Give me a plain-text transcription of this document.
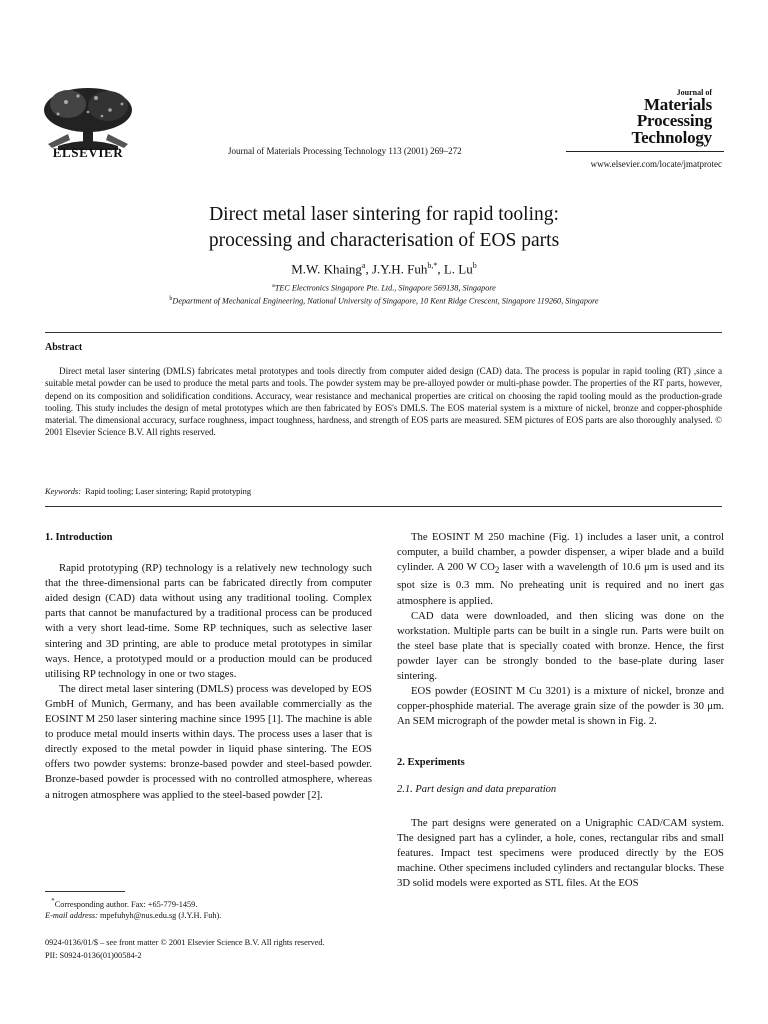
ELSEVIER	Journal of Materials Processing Technology 113 (2001) 269–272
Journal of
Materials
Processing
Technology
www.elsevier.com/locate/jmatprotec
Direct metal laser sintering for rapid tooling:
processing and characterisation of EOS parts
M.W. Khaing$^a$, J.Y.H. Fuh$^{b,*}$, L. Lu$^b$
$^a$TEC Electronics Singapore Pte. Ltd., Singapore 569138, Singapore
$^b$Department of Mechanical Engineering, National University of Singapore, 10 Kent Ridge Crescent, Singapore 119260, Singapore
Abstract
Direct metal laser sintering (DMLS) fabricates metal prototypes and tools directly from computer aided design (CAD) data. The process is popular in rapid tooling (RT) ,since a suitable metal powder can be used to produce the metal parts and tools. The powder system may be pre-alloyed powder or multi-phase powder. The properties of the RT parts, however, depend on its composition and solidification conditions. Accuracy, wear resistance and mechanical properties are critical on choosing the rapid tooling mould as the production-grade tooling. This study includes the design of metal prototypes which are then fabricated by EOS's DMLS. The EOS material system is a mixture of nickel, bronze and copper-phosphide material. The dimensional accuracy, surface roughness, impact toughness, hardness, and strength of EOS parts are measured. SEM pictures of EOS parts are also thoroughly analysed. © 2001 Elsevier Science B.V. All rights reserved.
Keywords: Rapid tooling; Laser sintering; Rapid prototyping
1. Introduction

Rapid prototyping (RP) technology is a relatively new technology such that the three-dimensional parts can be fabricated directly from computer aided design (CAD) data without using any traditional tooling. Complex parts that cannot be manufactured by a traditional process can be produced with a very short lead-time. Some RP techniques, such as selective laser sintering and 3D printing, are able to produce metal prototypes in similar ways. Hence, a prototyped mould or a production mould can be produced utilising RP technology in one or two stages.

The direct metal laser sintering (DMLS) process was developed by EOS GmbH of Munich, Germany, and has been available commercially as the EOSINT M 250 laser sintering machine since 1995 [1]. The machine is able to produce metal mould inserts within days. The process uses a laser that is directly exposed to the metal powder in liquid phase sintering. The EOS offers two powder systems: bronze-based powder and steel-based powder. Bronze-based powder is processed with no controlled atmosphere, whereas a nitrogen atmosphere was applied to the steel-based powder [2].

The EOSINT M 250 machine (Fig. 1) includes a laser unit, a control computer, a build chamber, a powder dispenser, a wiper blade and a build cylinder. A 200 W $CO_2$ laser with a wavelength of 10.6 μm is used and its spot size is 0.3 mm. No preheating unit is required and no inert gas atmosphere is applied.

CAD data were downloaded, and then slicing was done on the workstation. Multiple parts can be built in a single run. Parts were built on the steel base plate that is specially coated with bronze. Hence, the first powder layer can be strongly bonded to the base-plate during laser sintering.

EOS powder (EOSINT M Cu 3201) is a mixture of nickel, bronze and copper-phosphide material. The average grain size of the powder is 30 μm. An SEM micrograph of the powder metal is shown in Fig. 2.

2. Experiments
2.1. Part design and data preparation

The part designs were generated on a Unigraphic CAD/CAM system. The designed part has a cylinder, a hole, cones, rectangular ribs and small features. Impact test specimens were produced directly by the EOS machine. Other specimens included cylinders and rectangular blocks. These 3D solid models were exported as STL files. At the EOS

*Corresponding author. Fax: +65-779-1459.
E-mail address: mpefuhyh@nus.edu.sg (J.Y.H. Fuh).
0924-0136/01/$ – see front matter © 2001 Elsevier Science B.V. All rights reserved.
PII: S0924-0136(01)00584-2
